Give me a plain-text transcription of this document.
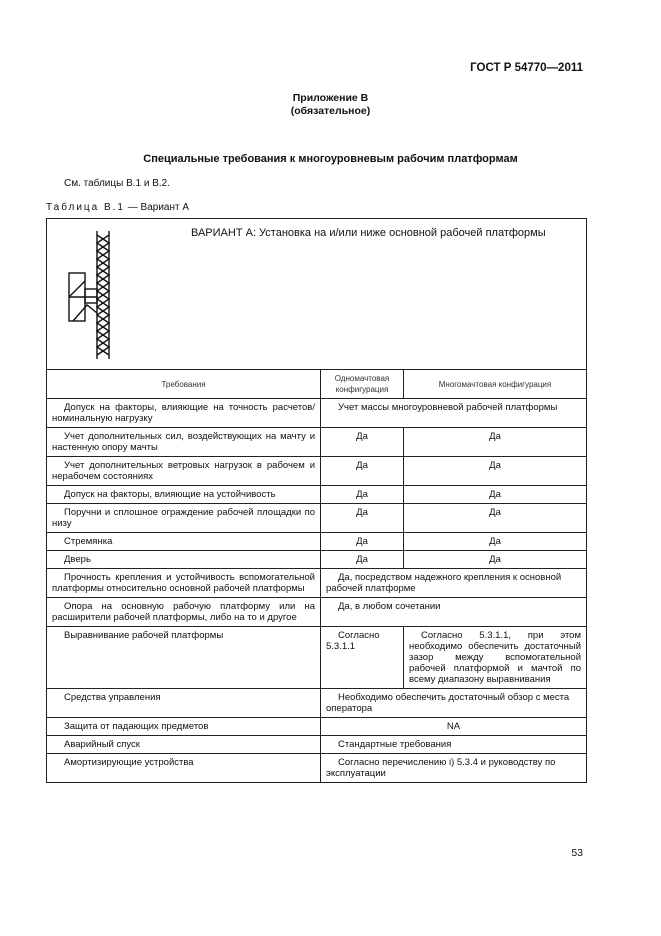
ГОСТ Р 54770—2011
Приложение В
(обязательное)
Специальные требования к многоуровневым рабочим платформам
См. таблицы В.1 и В.2.
Таблица В.1 — Вариант А
ВАРИАНТ А: Установка на и/или ниже основной рабочей платформы		

Требования	Одномачтовая конфигурация	Многомачтовая конфигурация
Допуск на факторы, влияющие на точность расчетов/номинальную нагрузку	Учет массы многоуровневой рабочей платформы	
Учет дополнительных сил, воздействующих на мачту и настенную опору мачты	Да	Да
Учет дополнительных ветровых нагрузок в рабочем и нерабочем состояниях	Да	Да
Допуск на факторы, влияющие на устойчивость	Да	Да
Поручни и сплошное ограждение рабочей площадки по низу	Да	Да
Стремянка	Да	Да
Дверь	Да	Да
Прочность крепления и устойчивость вспомогательной платформы относительно основной рабочей платформы	Да, посредством надежного крепления к основной рабочей платформе	
Опора на основную рабочую платформу или на расширители рабочей платформы, либо на то и другое	Да, в любом сочетании	
Выравнивание рабочей платформы	Согласно 5.3.1.1	Согласно 5.3.1.1, при этом необходимо обеспечить достаточный зазор между вспомогательной рабочей платформой и мачтой по всему диапазону выравнивания
Средства управления	Необходимо обеспечить достаточный обзор с места оператора	
Защита от падающих предметов	NA	
Аварийный спуск	Стандартные требования	
Амортизирующие устройства	Согласно перечислению i) 5.3.4 и руководству по эксплуатации	
53
